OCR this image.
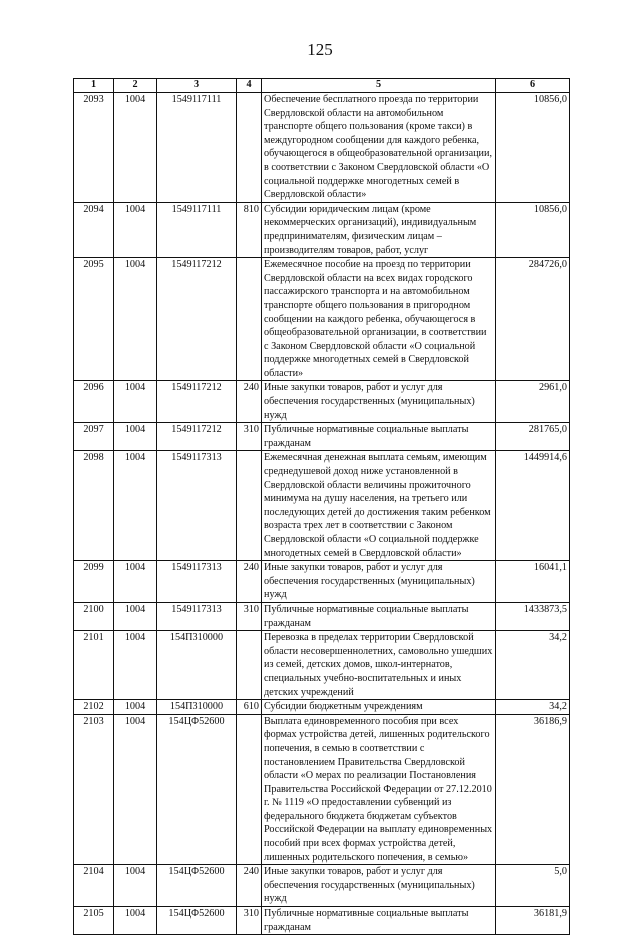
125
1	2	3	4	5	6
2093	1004	1549117111		Обеспечение бесплатного проезда по территории Свердловской области на автомобильном транспорте общего пользования (кроме такси) в междугородном сообщении для каждого ребенка, обучающегося в общеобразовательной организации, в соответствии с Законом Свердловской области «О социальной поддержке многодетных семей в Свердловской области»	10856,0
2094	1004	1549117111	810	Субсидии юридическим лицам (кроме некоммерческих организаций), индивидуальным предпринимателям, физическим лицам – производителям товаров, работ, услуг	10856,0
2095	1004	1549117212		Ежемесячное пособие на проезд по территории Свердловской области на всех видах городского пассажирского транспорта и на автомобильном транспорте общего пользования в пригородном сообщении на каждого ребенка, обучающегося в общеобразовательной организации, в соответствии с Законом Свердловской области «О социальной поддержке многодетных семей в Свердловской области»	284726,0
2096	1004	1549117212	240	Иные закупки товаров, работ и услуг для обеспечения государственных (муниципальных) нужд	2961,0
2097	1004	1549117212	310	Публичные нормативные социальные выплаты гражданам	281765,0
2098	1004	1549117313		Ежемесячная денежная выплата семьям, имеющим среднедушевой доход ниже установленной в Свердловской области величины прожиточного минимума на душу населения, на третьего или последующих детей до достижения таким ребенком возраста трех лет в соответствии с Законом Свердловской области «О социальной поддержке многодетных семей в Свердловской области»	1449914,6
2099	1004	1549117313	240	Иные закупки товаров, работ и услуг для обеспечения государственных (муниципальных) нужд	16041,1
2100	1004	1549117313	310	Публичные нормативные социальные выплаты гражданам	1433873,5
2101	1004	154П310000		Перевозка в пределах территории Свердловской области несовершеннолетних, самовольно ушедших из семей, детских домов, школ-интернатов, специальных учебно-воспитательных и иных детских учреждений	34,2
2102	1004	154П310000	610	Субсидии бюджетным учреждениям	34,2
2103	1004	154ЦФ52600		Выплата единовременного пособия при всех формах устройства детей, лишенных родительского попечения, в семью в соответствии с постановлением Правительства Свердловской области «О мерах по реализации Постановления Правительства Российской Федерации от 27.12.2010 г. № 1119 «О предоставлении субвенций из федерального бюджета бюджетам субъектов Российской Федерации на выплату единовременных пособий при всех формах устройства детей, лишенных родительского попечения, в семью»	36186,9
2104	1004	154ЦФ52600	240	Иные закупки товаров, работ и услуг для обеспечения государственных (муниципальных) нужд	5,0
2105	1004	154ЦФ52600	310	Публичные нормативные социальные выплаты гражданам	36181,9
